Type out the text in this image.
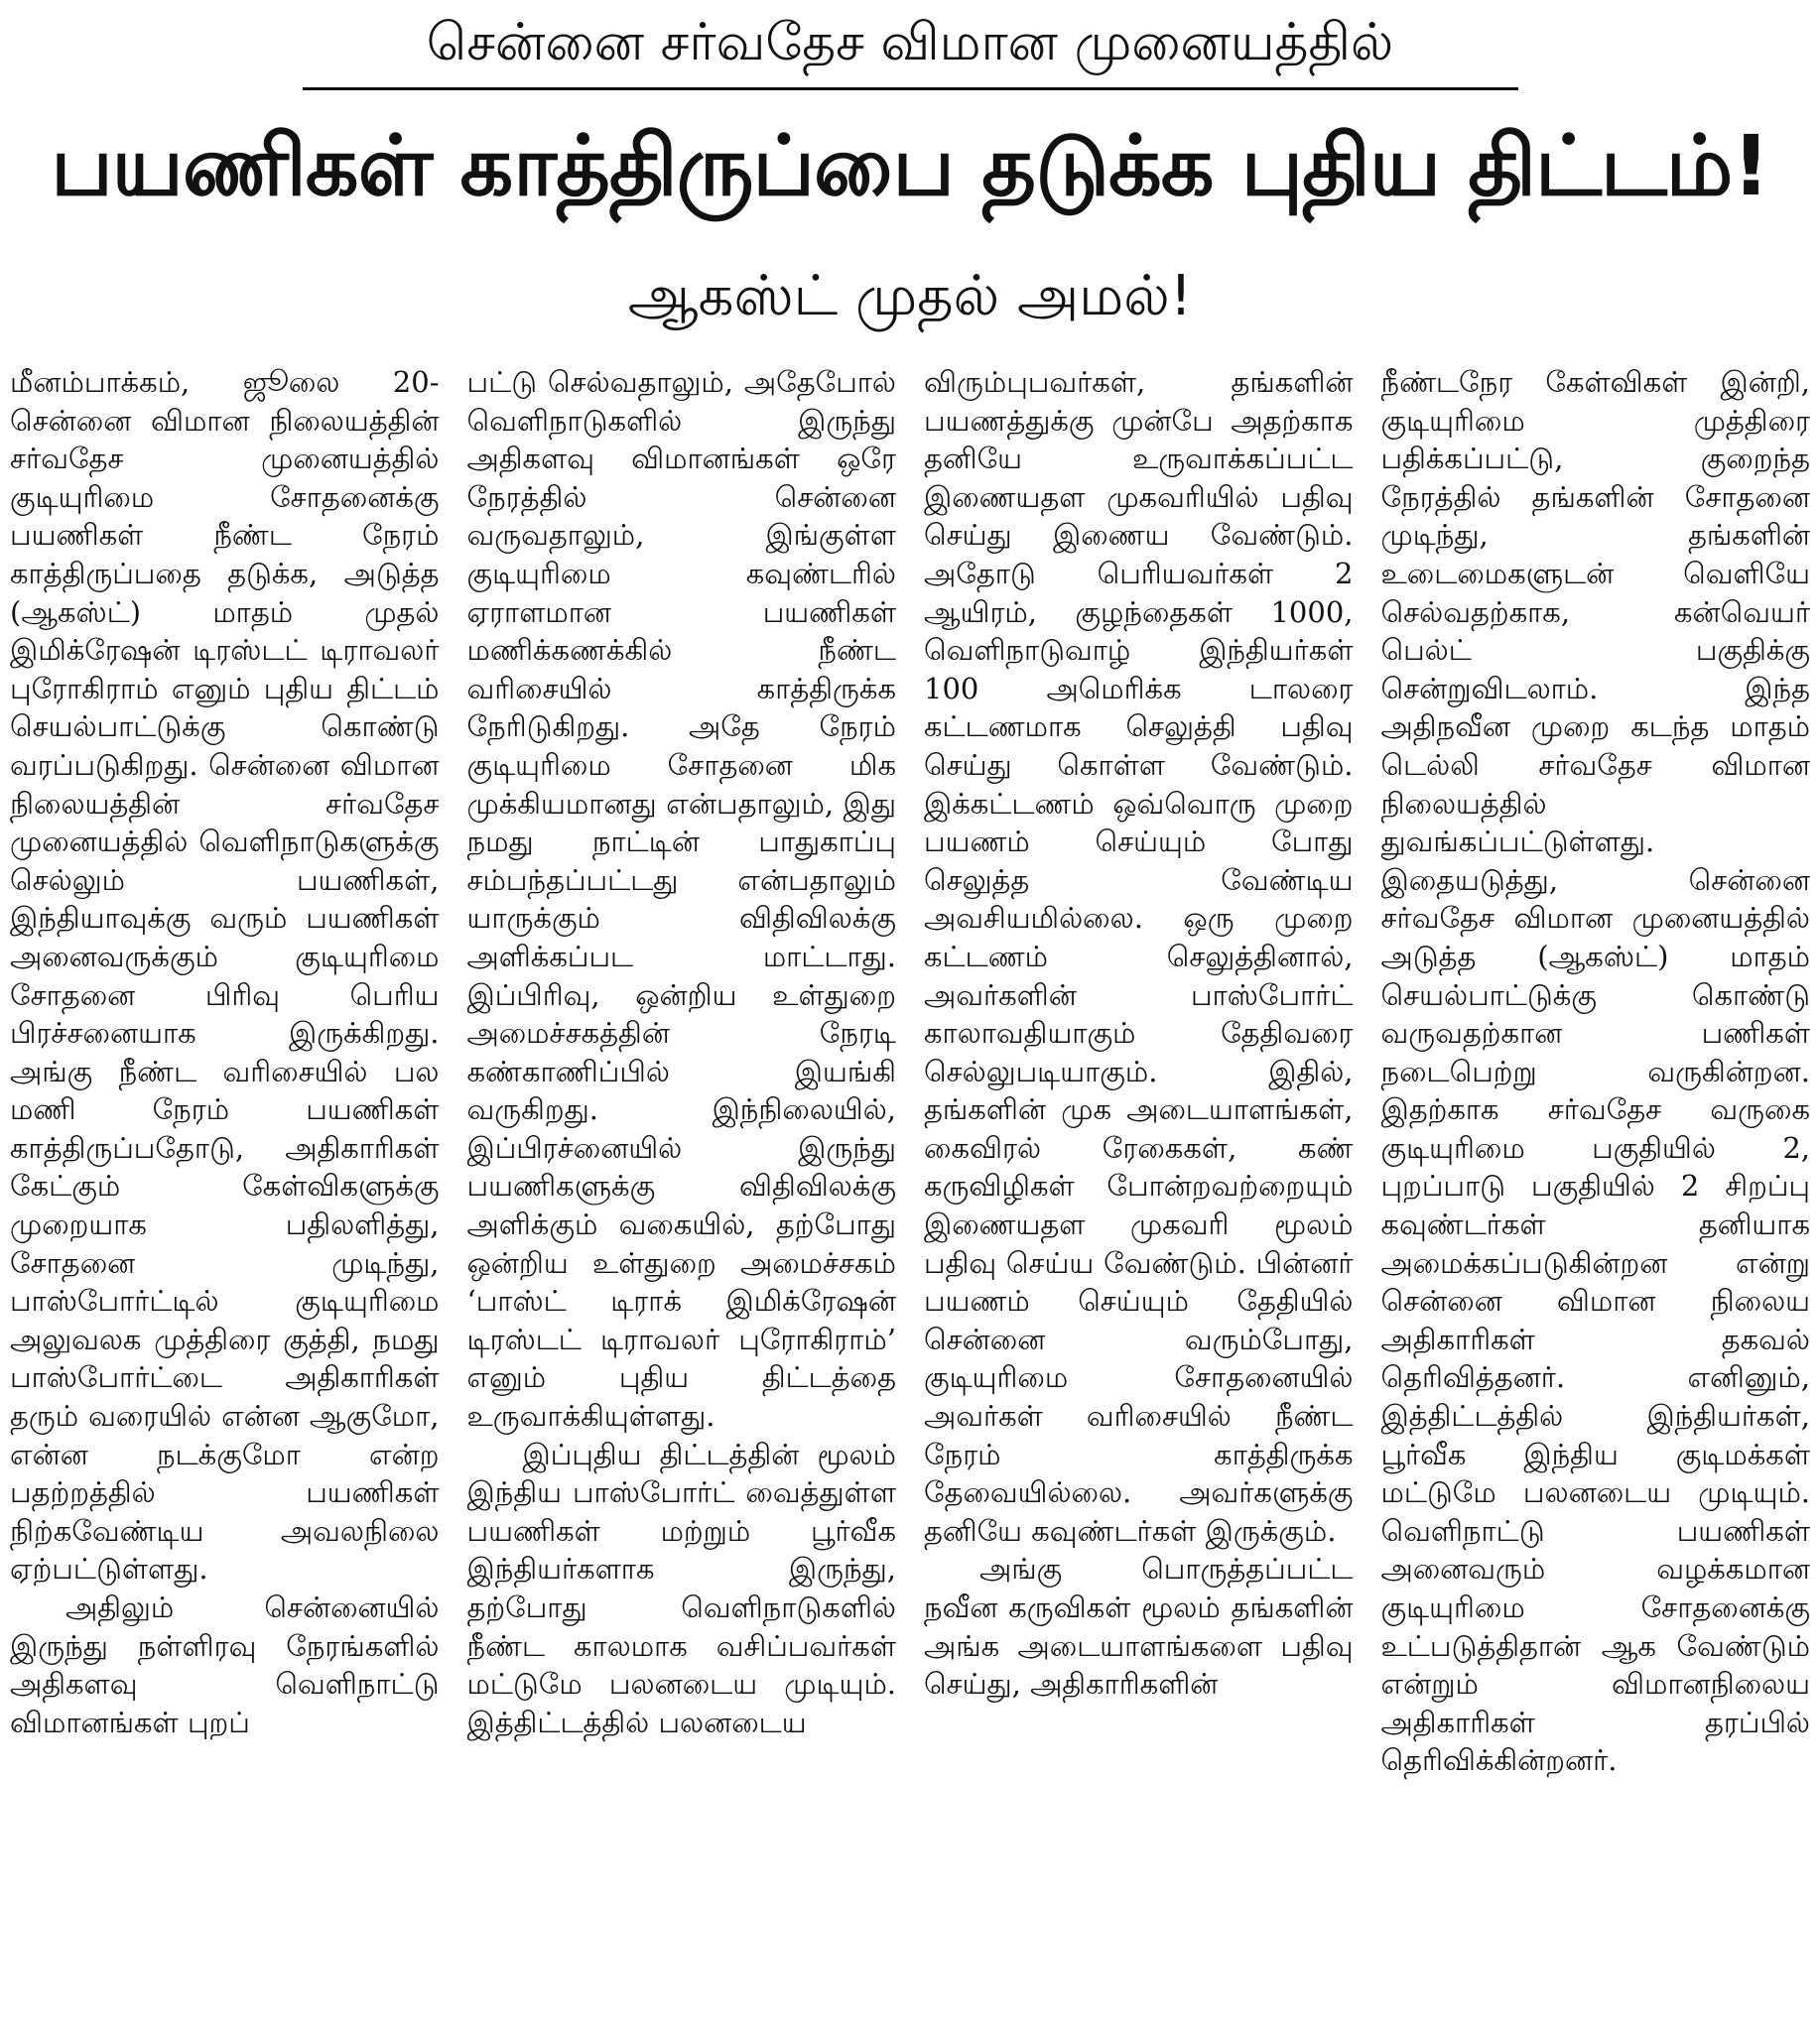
சென்னை சர்வதேச விமான முனையத்தில்
பயணிகள் காத்திருப்பை தடுக்க புதிய திட்டம்!
ஆகஸ்ட் முதல் அமல்!

மீனம்பாக்கம், ஜூலை 20- சென்னை விமான நிலையத்தின் சர்வதேச முனையத்தில் குடியுரிமை சோதனைக்கு பயணிகள் நீண்ட நேரம் காத்திருப்பதை தடுக்க, அடுத்த (ஆகஸ்ட்) மாதம் முதல் இமிக்ரேஷன் டிரஸ்டட் டிராவலர் புரோகிராம் எனும் புதிய திட்டம் செயல்பாட்டுக்கு கொண்டு வரப்படுகிறது. சென்னை விமான நிலையத்தின் சர்வதேச முனையத்தில் வெளிநாடுகளுக்கு செல்லும் பயணிகள், இந்தியாவுக்கு வரும் பயணிகள் அனைவருக்கும் குடியுரிமை சோதனை பிரிவு பெரிய பிரச்சனையாக இருக்கிறது. அங்கு நீண்ட வரிசையில் பல மணி நேரம் பயணிகள் காத்திருப்பதோடு, அதிகாரிகள் கேட்கும் கேள்விகளுக்கு முறையாக பதிலளித்து, சோதனை முடிந்து, பாஸ்போர்ட்டில் குடியுரிமை அலுவலக முத்திரை குத்தி, நமது பாஸ்போர்ட்டை அதிகாரிகள் தரும் வரையில் என்ன ஆகுமோ, என்ன நடக்குமோ என்ற பதற்றத்தில் பயணிகள் நிற்கவேண்டிய அவலநிலை ஏற்பட்டுள்ளது.

அதிலும் சென்னையில் இருந்து நள்ளிரவு நேரங்களில் அதிகளவு வெளிநாட்டு விமானங்கள் புறப்

பட்டு செல்வதாலும், அதேபோல் வெளிநாடுகளில் இருந்து அதிகளவு விமானங்கள் ஒரே நேரத்தில் சென்னை வருவதாலும், இங்குள்ள குடியுரிமை கவுண்டரில் ஏராளமான பயணிகள் மணிக்கணக்கில் நீண்ட வரிசையில் காத்திருக்க நேரிடுகிறது. அதே நேரம் குடியுரிமை சோதனை மிக முக்கியமானது என்பதாலும், இது நமது நாட்டின் பாதுகாப்பு சம்பந்தப்பட்டது என்பதாலும் யாருக்கும் விதிவிலக்கு அளிக்கப்பட மாட்டாது. இப்பிரிவு, ஒன்றிய உள்துறை அமைச்சகத்தின் நேரடி கண்காணிப்பில் இயங்கி வருகிறது. இந்நிலையில், இப்பிரச்னையில் இருந்து பயணிகளுக்கு விதிவிலக்கு அளிக்கும் வகையில், தற்போது ஒன்றிய உள்துறை அமைச்சகம் ‘பாஸ்ட் டிராக் இமிக்ரேஷன் டிரஸ்டட் டிராவலர் புரோகிராம்’ எனும் புதிய திட்டத்தை உருவாக்கியுள்ளது.

இப்புதிய திட்டத்தின் மூலம் இந்திய பாஸ்போர்ட் வைத்துள்ள பயணிகள் மற்றும் பூர்வீக இந்தியர்களாக இருந்து, தற்போது வெளிநாடுகளில் நீண்ட காலமாக வசிப்பவர்கள் மட்டுமே பலனடைய முடியும். இத்திட்டத்தில் பலனடைய

விரும்புபவர்கள், தங்களின் பயணத்துக்கு முன்பே அதற்காக தனியே உருவாக்கப்பட்ட இணையதள முகவரியில் பதிவு செய்து இணைய வேண்டும். அதோடு பெரியவர்கள் 2 ஆயிரம், குழந்தைகள் 1000, வெளிநாடுவாழ் இந்தியர்கள் 100 அமெரிக்க டாலரை கட்டணமாக செலுத்தி பதிவு செய்து கொள்ள வேண்டும். இக்கட்டணம் ஒவ்வொரு முறை பயணம் செய்யும் போது செலுத்த வேண்டிய அவசியமில்லை. ஒரு முறை கட்டணம் செலுத்தினால், அவர்களின் பாஸ்போர்ட் காலாவதியாகும் தேதிவரை செல்லுபடியாகும். இதில், தங்களின் முக அடையாளங்கள், கைவிரல் ரேகைகள், கண் கருவிழிகள் போன்றவற்றையும் இணையதள முகவரி மூலம் பதிவு செய்ய வேண்டும். பின்னர் பயணம் செய்யும் தேதியில் சென்னை வரும்போது, குடியுரிமை சோதனையில் அவர்கள் வரிசையில் நீண்ட நேரம் காத்திருக்க தேவையில்லை. அவர்களுக்கு தனியே கவுண்டர்கள் இருக்கும்.

அங்கு பொருத்தப்பட்ட நவீன கருவிகள் மூலம் தங்களின் அங்க அடையாளங்களை பதிவு செய்து, அதிகாரிகளின்

நீண்டநேர கேள்விகள் இன்றி, குடியுரிமை முத்திரை பதிக்கப்பட்டு, குறைந்த நேரத்தில் தங்களின் சோதனை முடிந்து, தங்களின் உடைமைகளுடன் வெளியே செல்வதற்காக, கன்வெயர் பெல்ட் பகுதிக்கு சென்றுவிடலாம். இந்த அதிநவீன முறை கடந்த மாதம் டெல்லி சர்வதேச விமான நிலையத்தில் துவங்கப்பட்டுள்ளது. இதையடுத்து, சென்னை சர்வதேச விமான முனையத்தில் அடுத்த (ஆகஸ்ட்) மாதம் செயல்பாட்டுக்கு கொண்டு வருவதற்கான பணிகள் நடைபெற்று வருகின்றன. இதற்காக சர்வதேச வருகை குடியுரிமை பகுதியில் 2, புறப்பாடு பகுதியில் 2 சிறப்பு கவுண்டர்கள் தனியாக அமைக்கப்படுகின்றன என்று சென்னை விமான நிலைய அதிகாரிகள் தகவல் தெரிவித்தனர். எனினும், இத்திட்டத்தில் இந்தியர்கள், பூர்வீக இந்திய குடிமக்கள் மட்டுமே பலனடைய முடியும். வெளிநாட்டு பயணிகள் அனைவரும் வழக்கமான குடியுரிமை சோதனைக்கு உட்படுத்திதான் ஆக வேண்டும் என்றும் விமானநிலைய அதிகாரிகள் தரப்பில் தெரிவிக்கின்றனர்.
